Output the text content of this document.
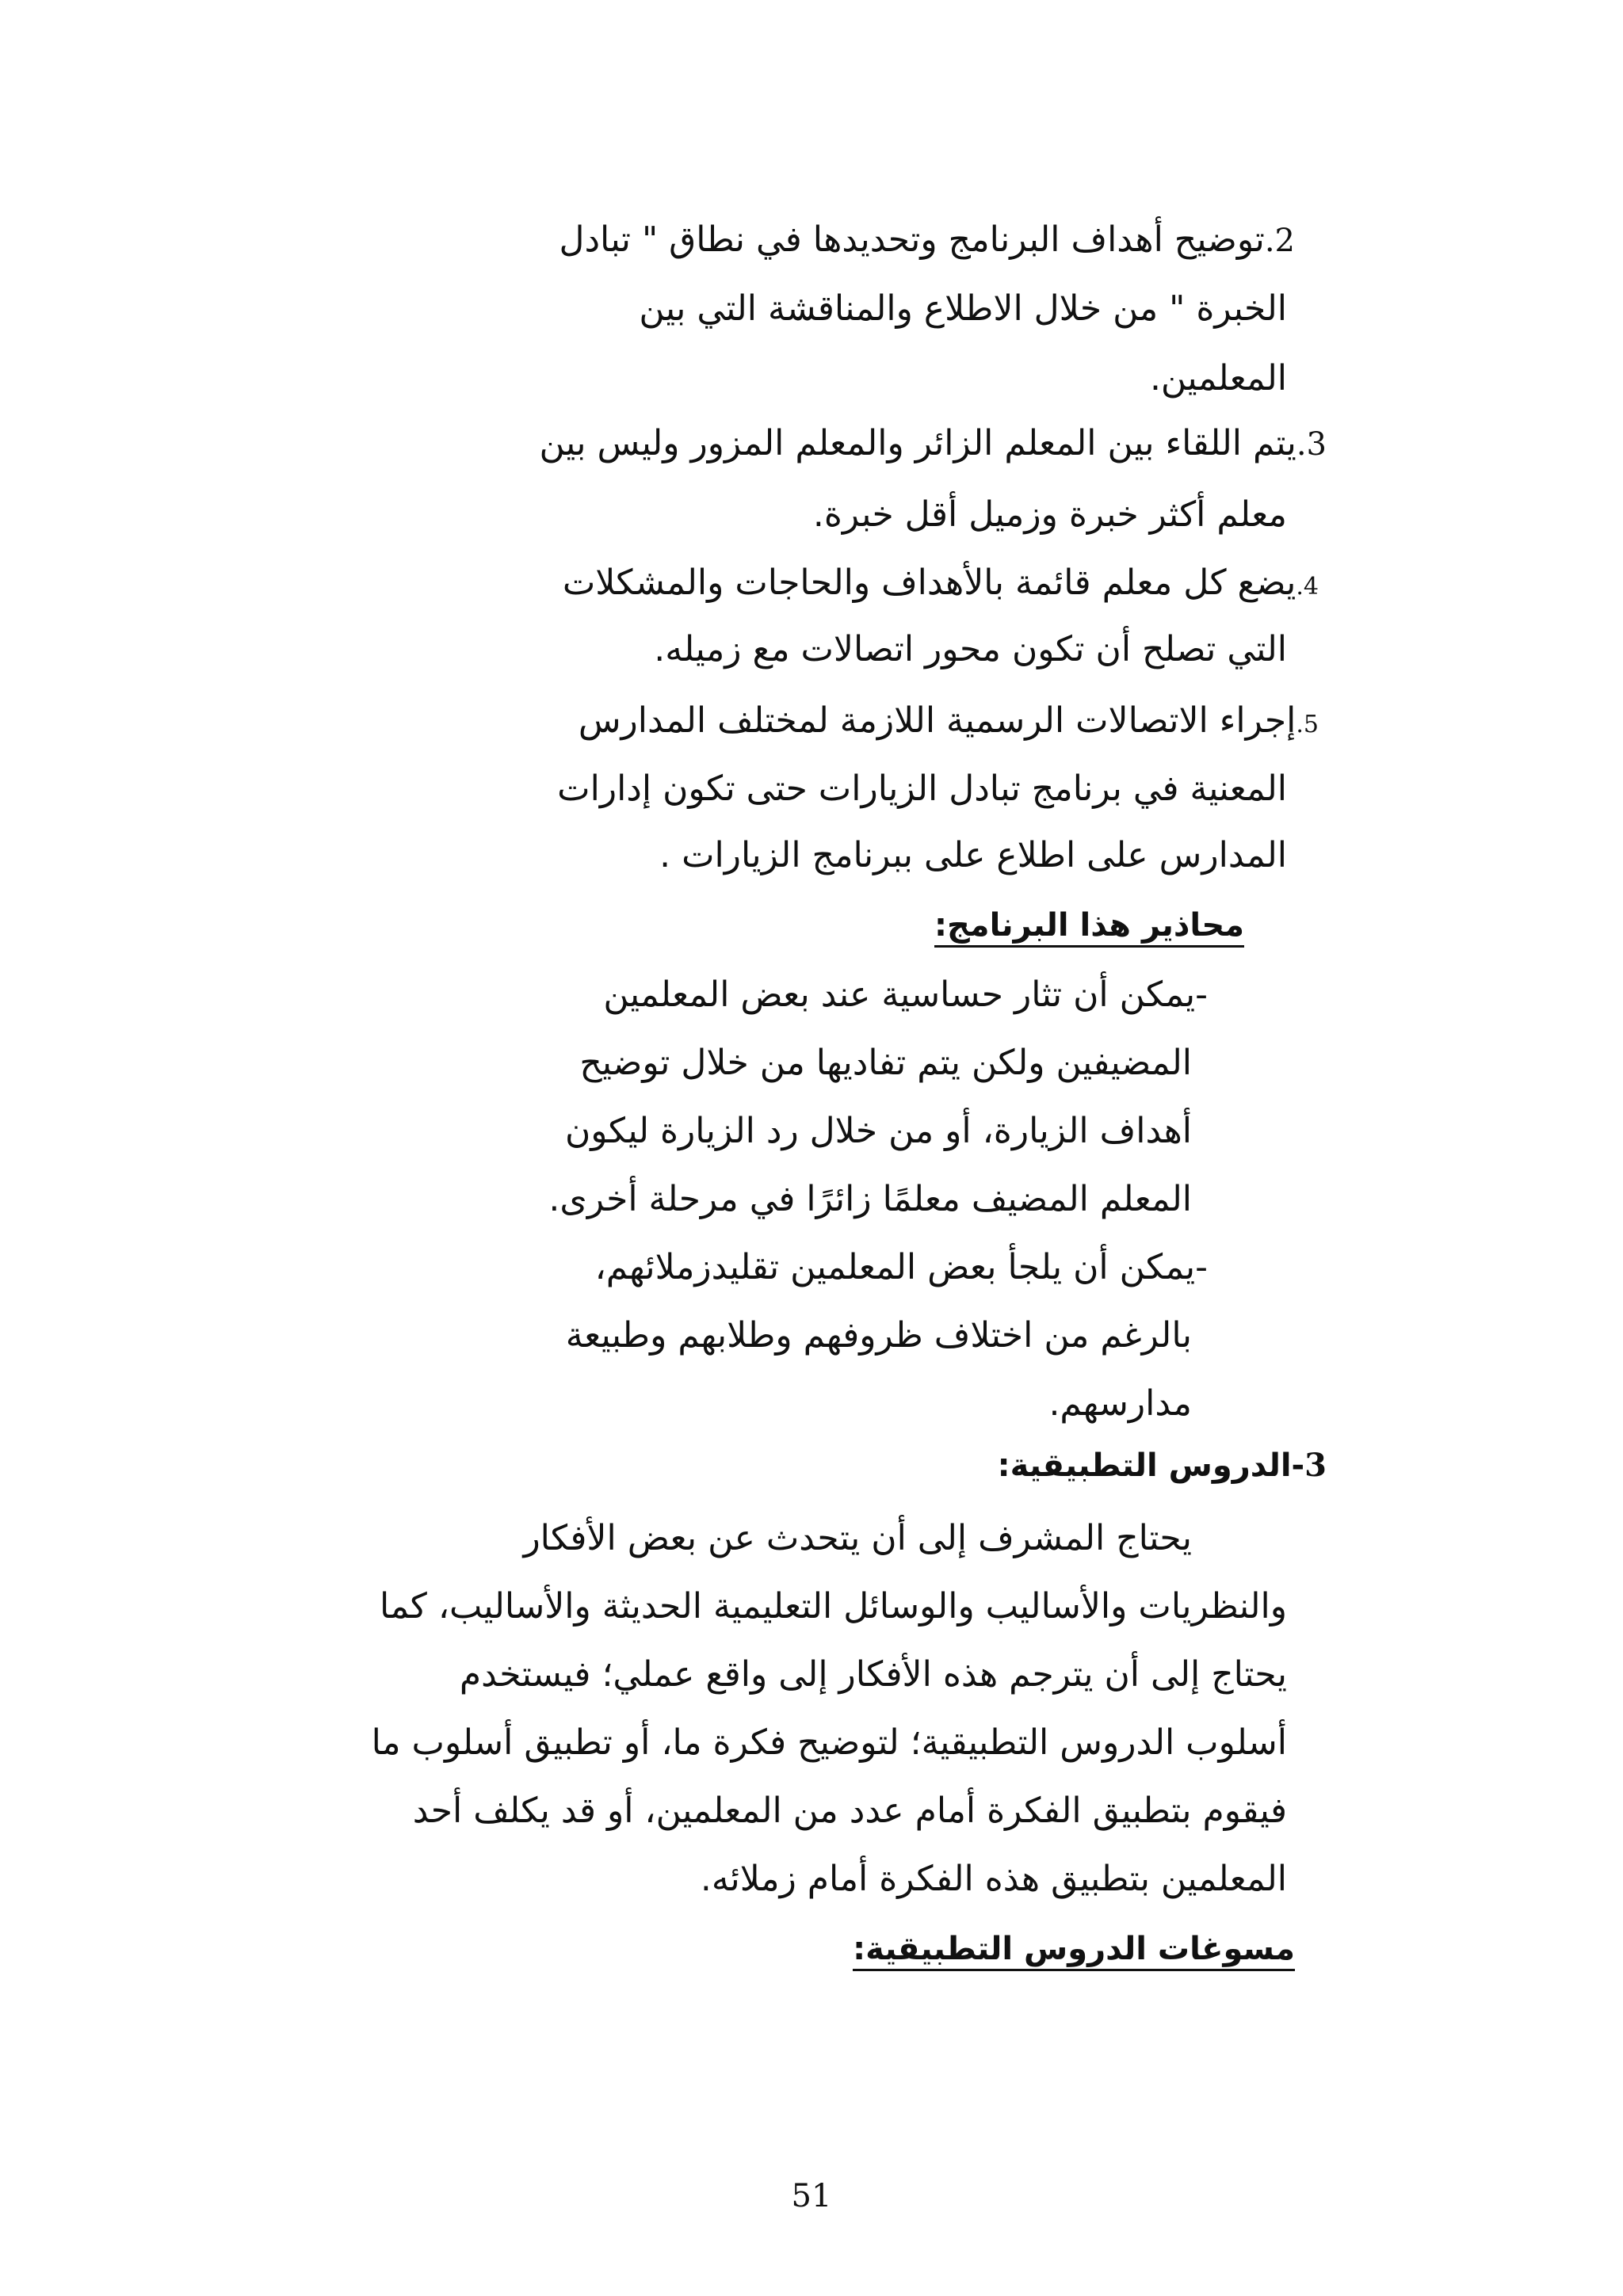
2.توضيح أهداف البرنامج وتحديدها في نطاق " تبادل
الخبرة " من خلال الاطلاع والمناقشة التي بين
المعلمين.
3.يتم اللقاء بين المعلم الزائر والمعلم المزور وليس بين
معلم أكثر خبرة وزميل أقل خبرة.
4.يضع كل معلم قائمة بالأهداف والحاجات والمشكلات
التي تصلح أن تكون محور اتصالات مع زميله.
5.إجراء الاتصالات الرسمية اللازمة لمختلف المدارس
المعنية في برنامج تبادل الزيارات حتى تكون إدارات
المدارس على اطلاع على ببرنامج الزيارات .
محاذير هذا البرنامج:
-يمكن أن تثار حساسية عند بعض المعلمين
المضيفين ولكن يتم تفاديها من خلال توضيح
أهداف الزيارة، أو من خلال رد الزيارة ليكون
المعلم المضيف معلمًا زائرًا في مرحلة أخرى.
-يمكن أن يلجأ بعض المعلمين تقليدزملائهم،
بالرغم من اختلاف ظروفهم وطلابهم وطبيعة
مدارسهم.
3-الدروس التطبيقية:
يحتاج المشرف إلى أن يتحدث عن بعض الأفكار
والنظريات والأساليب والوسائل التعليمية الحديثة والأساليب، كما
يحتاج إلى أن يترجم هذه الأفكار إلى واقع عملي؛ فيستخدم
أسلوب الدروس التطبيقية؛ لتوضيح فكرة ما، أو تطبيق أسلوب ما
فيقوم بتطبيق الفكرة أمام عدد من المعلمين، أو قد يكلف أحد
المعلمين بتطبيق هذه الفكرة أمام زملائه.
مسوغات الدروس التطبيقية:
51
